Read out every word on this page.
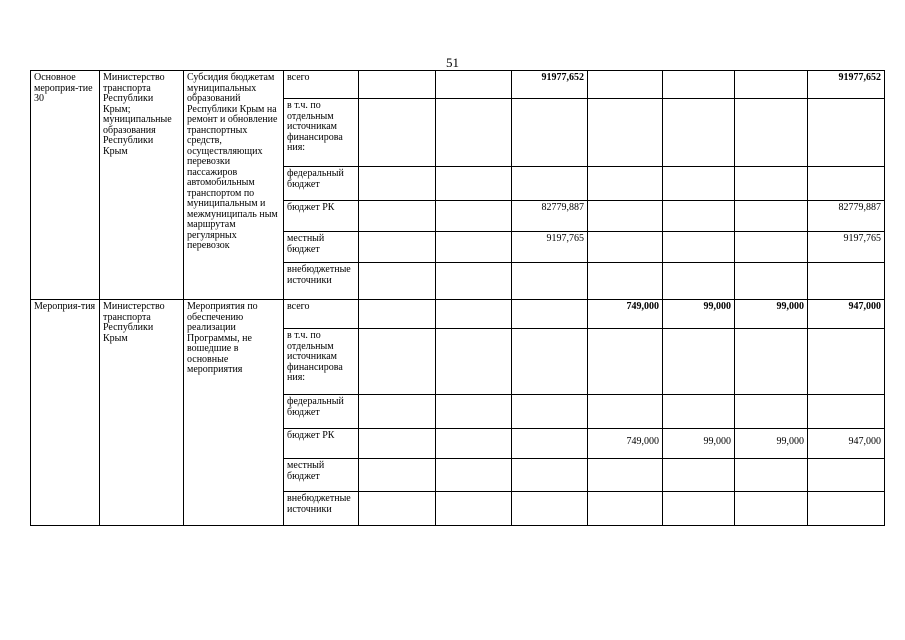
51
Основное мероприя-тие 30	Министерство транспорта Республики Крым; муниципальные образования Республики Крым	Субсидия бюджетам муниципальных образований Республики Крым на ремонт и обновление транспортных средств, осуществляющих перевозки пассажиров автомобильным транспортом по муниципальным и межмуниципаль ным маршрутам регулярных перевозок	всего			91977,652				91977,652
			в т.ч. по отдельным источникам финансирова ния:							
			федеральный бюджет							
			бюджет РК			82779,887				82779,887
			местный бюджет			9197,765				9197,765
			внебюджетные источники							
Мероприя-тия	Министерство транспорта Республики Крым	Мероприятия по обеспечению реализации Программы, не вошедшие в основные мероприятия	всего				749,000	99,000	99,000	947,000
			в т.ч. по отдельным источникам финансирова ния:							
			федеральный бюджет							
			бюджет РК				749,000	99,000	99,000	947,000
			местный бюджет							
			внебюджетные источники							
